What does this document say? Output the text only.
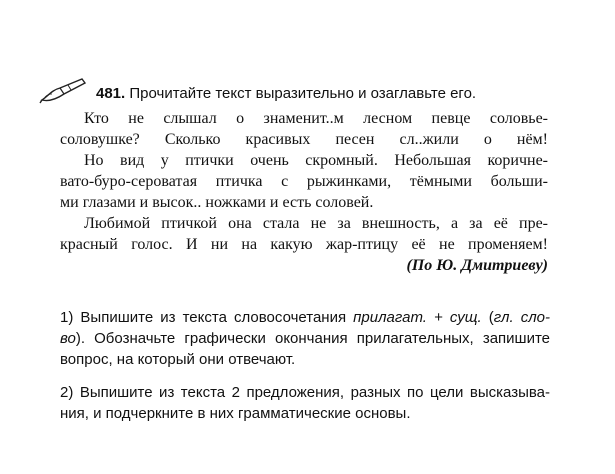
481. Прочитайте текст выразительно и озаглавьте его.
Кто не слышал о знаменит..м лесном певце соловье-
соловушке? Сколько красивых песен сл..жили о нём!
Но вид у птички очень скромный. Небольшая коричне-
вато-буро-сероватая птичка с рыжинками, тёмными больши-
ми глазами и высок.. ножками и есть соловей.
Любимой птичкой она стала не за внешность, а за её пре-
красный голос. И ни на какую жар-птицу её не променяем!
(По Ю. Дмитриеву)
1) Выпишите из текста словосочетания прилагат. + сущ. (гл. сло-
во). Обозначьте графически окончания прилагательных, запишите
вопрос, на который они отвечают.
2) Выпишите из текста 2 предложения, разных по цели высказыва-
ния, и подчеркните в них грамматические основы.
